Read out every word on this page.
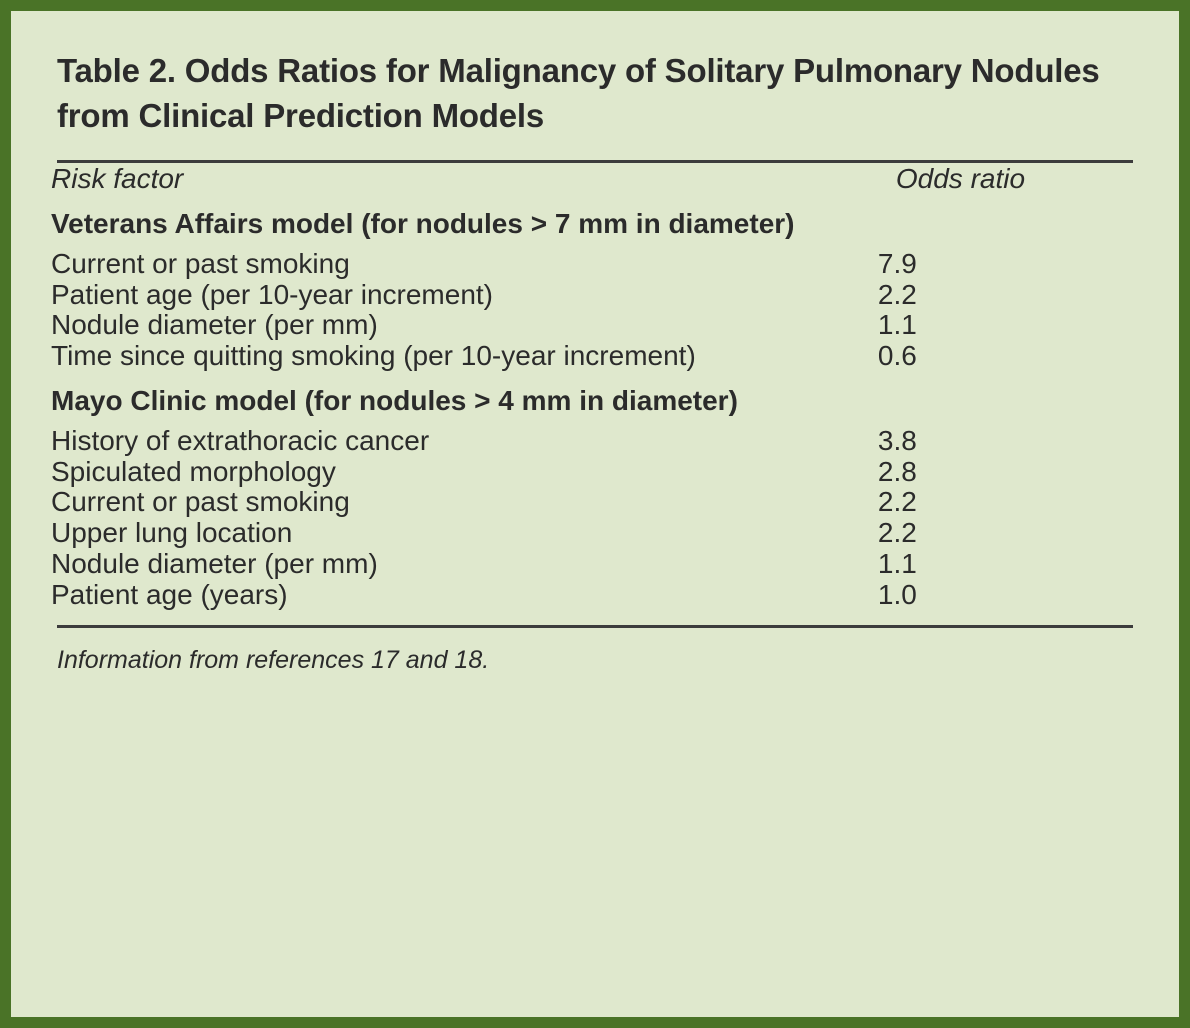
Table 2. Odds Ratios for Malignancy of Solitary Pulmonary Nodules from Clinical Prediction Models
Risk factor	Odds ratio
Veterans Affairs model (for nodules > 7 mm in diameter)	
Current or past smoking	7.9
Patient age (per 10-year increment)	2.2
Nodule diameter (per mm)	1.1
Time since quitting smoking (per 10-year increment)	0.6
Mayo Clinic model (for nodules > 4 mm in diameter)	
History of extrathoracic cancer	3.8
Spiculated morphology	2.8
Current or past smoking	2.2
Upper lung location	2.2
Nodule diameter (per mm)	1.1
Patient age (years)	1.0
Information from references 17 and 18.
